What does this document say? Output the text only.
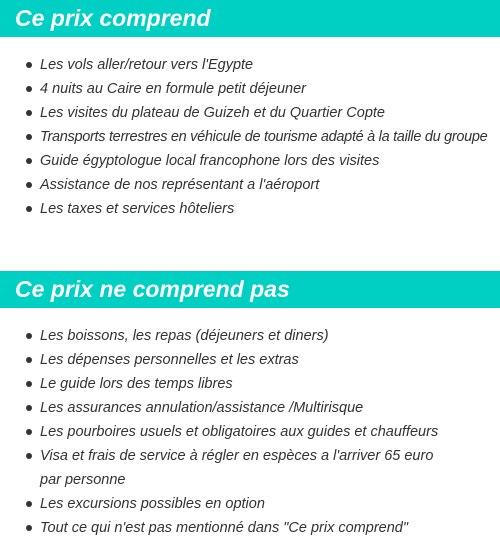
Ce prix comprend
Les vols aller/retour vers l'Egypte
4 nuits au Caire en formule petit déjeuner
Les visites du plateau de Guizeh et du Quartier Copte
Transports terrestres en véhicule de tourisme adapté à la taille du groupe
Guide égyptologue local francophone lors des visites
Assistance de nos représentant a l'aéroport
Les taxes et services hôteliers
Ce prix ne comprend pas
Les boissons, les repas (déjeuners et diners)
Les dépenses personnelles et les extras
Le guide lors des temps libres
Les assurances annulation/assistance /Multirisque
Les pourboires usuels et obligatoires aux guides et chauffeurs
Visa et frais de service à régler en espèces a l'arriver 65 euro par personne
Les excursions possibles en option
Tout ce qui n'est pas mentionné dans "Ce prix comprend"
